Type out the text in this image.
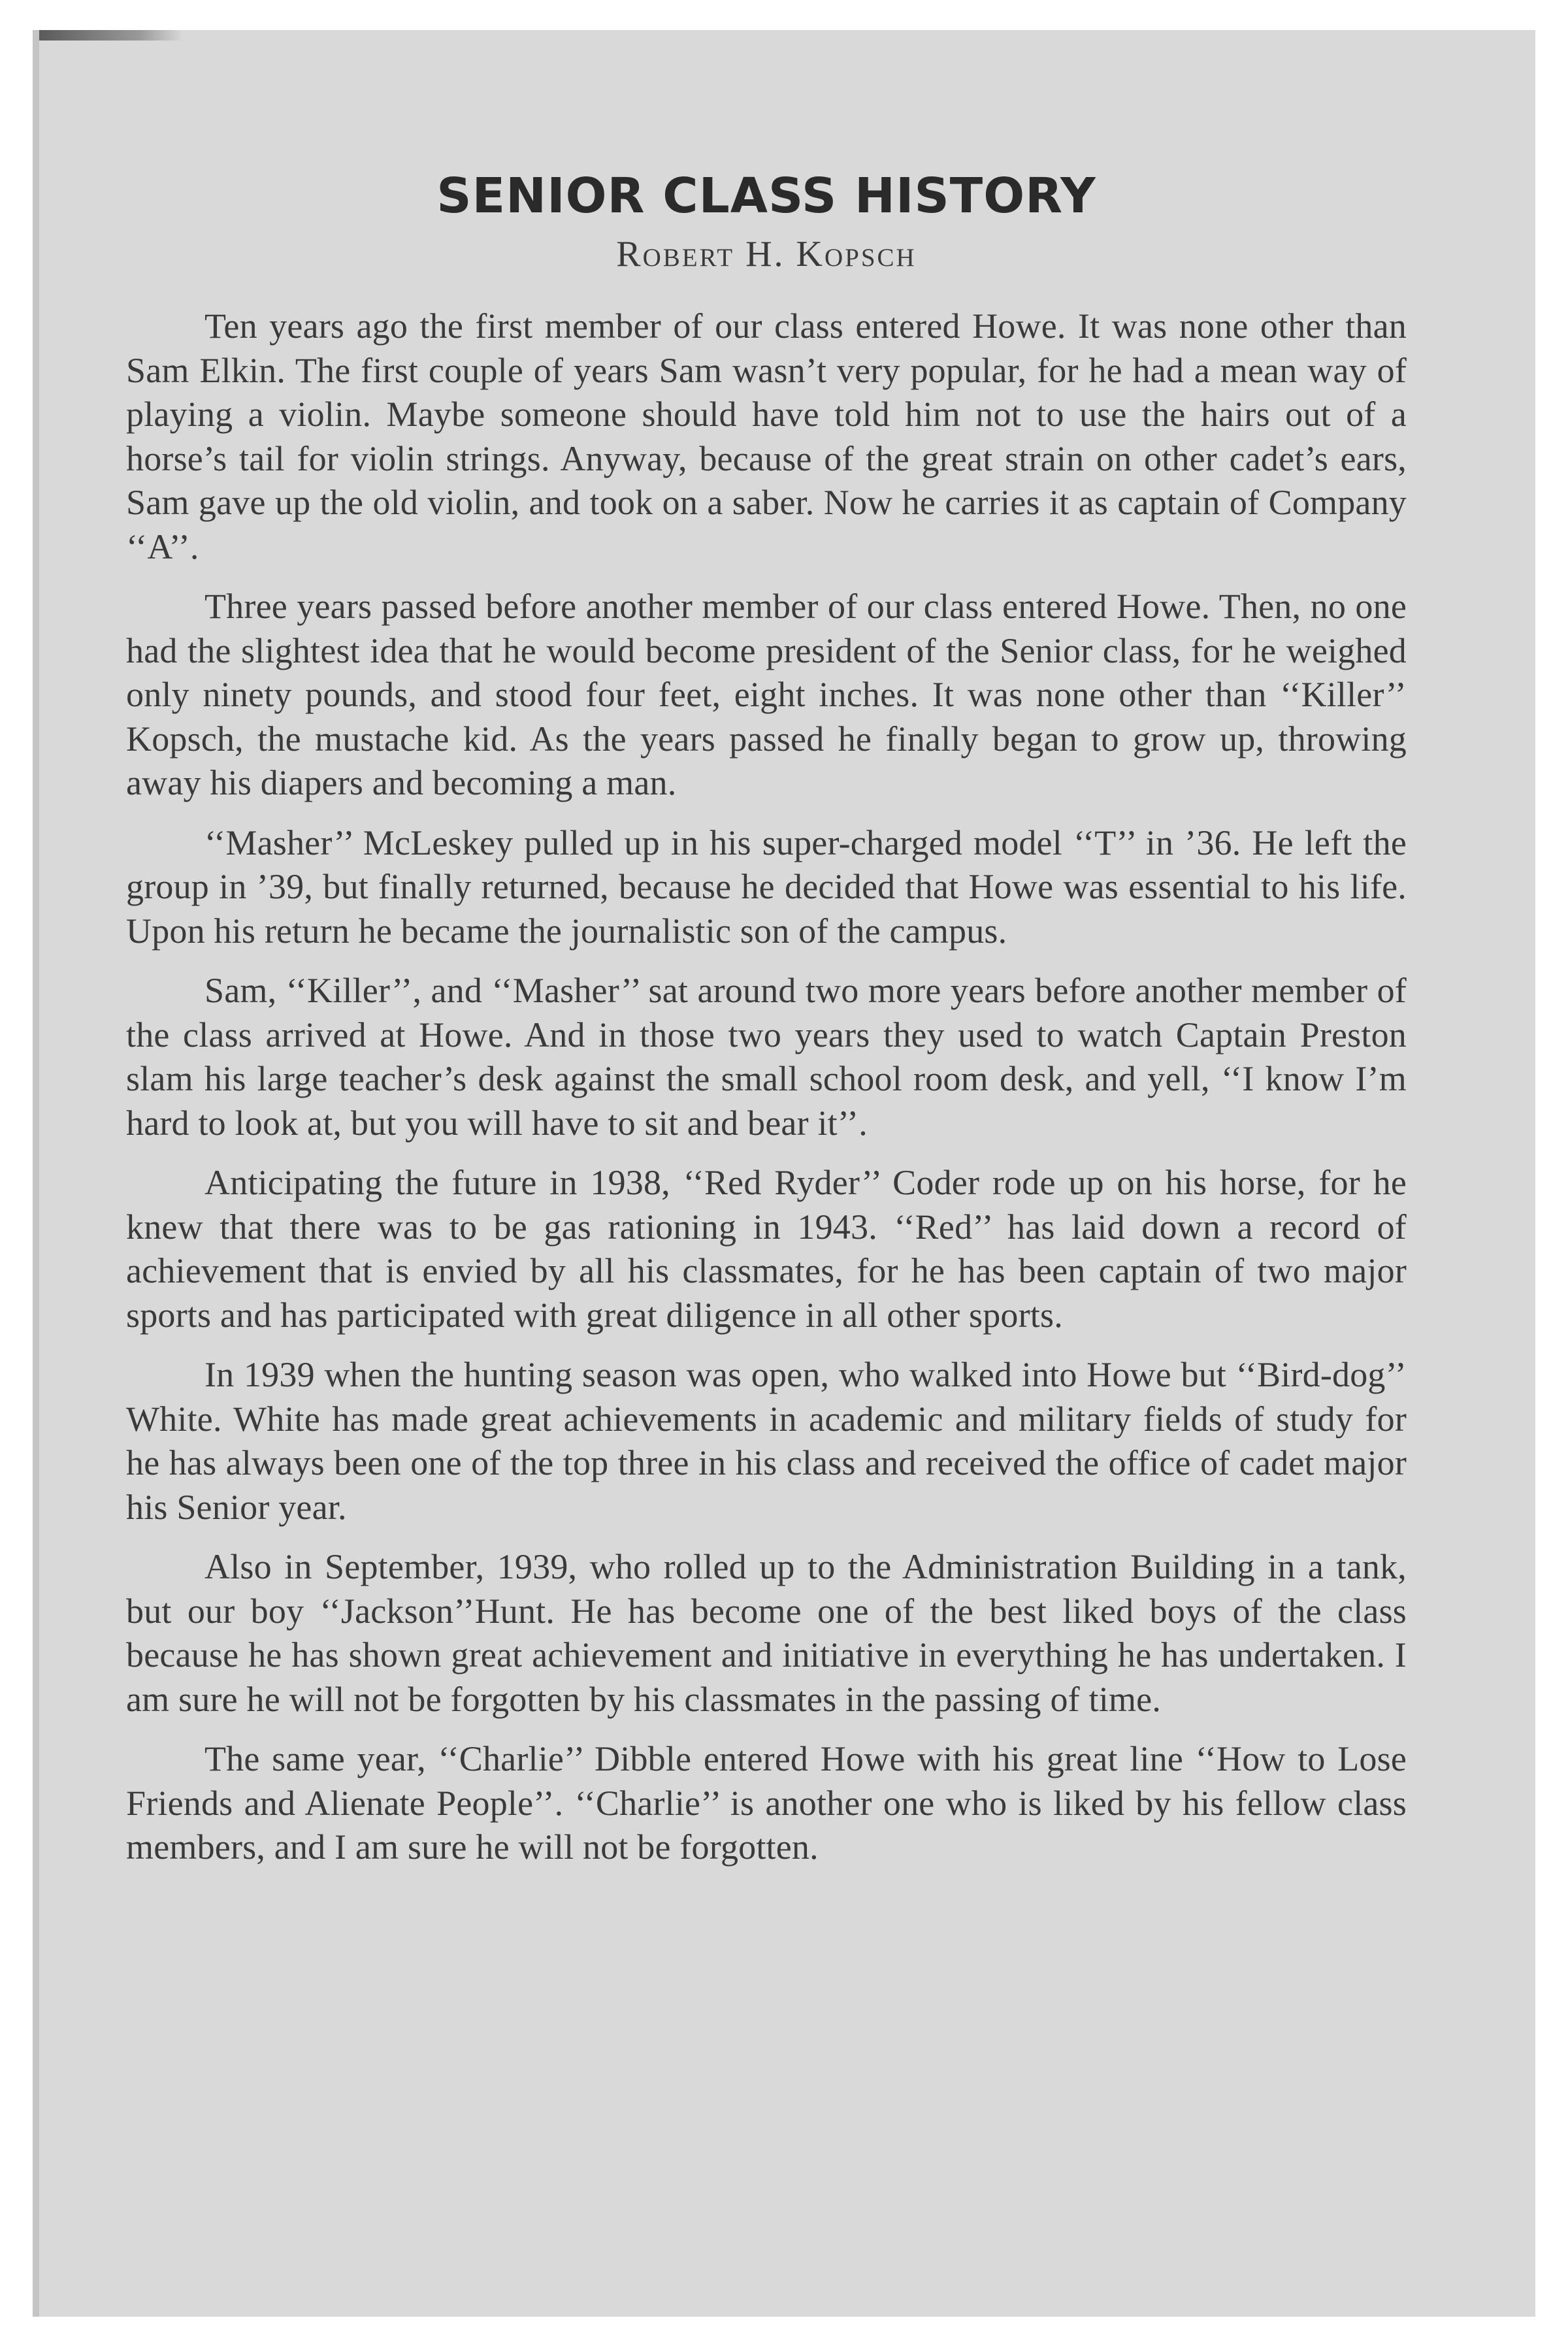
SENIOR CLASS HISTORY
Robert H. Kopsch

Ten years ago the first member of our class entered Howe. It was none other than Sam Elkin. The first couple of years Sam wasn’t very popular, for he had a mean way of playing a violin. Maybe someone should have told him not to use the hairs out of a horse’s tail for violin strings. Anyway, because of the great strain on other cadet’s ears, Sam gave up the old violin, and took on a saber. Now he carries it as captain of Company ‘‘A’’.

Three years passed before another member of our class entered Howe. Then, no one had the slightest idea that he would become president of the Senior class, for he weighed only ninety pounds, and stood four feet, eight inches. It was none other than ‘‘Killer’’ Kopsch, the mustache kid. As the years passed he finally began to grow up, throwing away his diapers and becoming a man.

‘‘Masher’’ McLeskey pulled up in his super-charged model ‘‘T’’ in ’36. He left the group in ’39, but finally returned, because he decided that Howe was essential to his life. Upon his return he became the journalistic son of the campus.

Sam, ‘‘Killer’’, and ‘‘Masher’’ sat around two more years before another member of the class arrived at Howe. And in those two years they used to watch Captain Preston slam his large teacher’s desk against the small school room desk, and yell, ‘‘I know I’m hard to look at, but you will have to sit and bear it’’.

Anticipating the future in 1938, ‘‘Red Ryder’’ Coder rode up on his horse, for he knew that there was to be gas rationing in 1943. ‘‘Red’’ has laid down a record of achievement that is envied by all his classmates, for he has been captain of two major sports and has participated with great diligence in all other sports.

In 1939 when the hunting season was open, who walked into Howe but ‘‘Bird-dog’’ White. White has made great achievements in academic and military fields of study for he has always been one of the top three in his class and received the office of cadet major his Senior year.

Also in September, 1939, who rolled up to the Administration Building in a tank, but our boy ‘‘Jackson’’Hunt. He has become one of the best liked boys of the class because he has shown great achievement and initiative in everything he has undertaken. I am sure he will not be forgotten by his classmates in the passing of time.

The same year, ‘‘Charlie’’ Dibble entered Howe with his great line ‘‘How to Lose Friends and Alienate People’’. ‘‘Charlie’’ is another one who is liked by his fellow class members, and I am sure he will not be forgotten.
